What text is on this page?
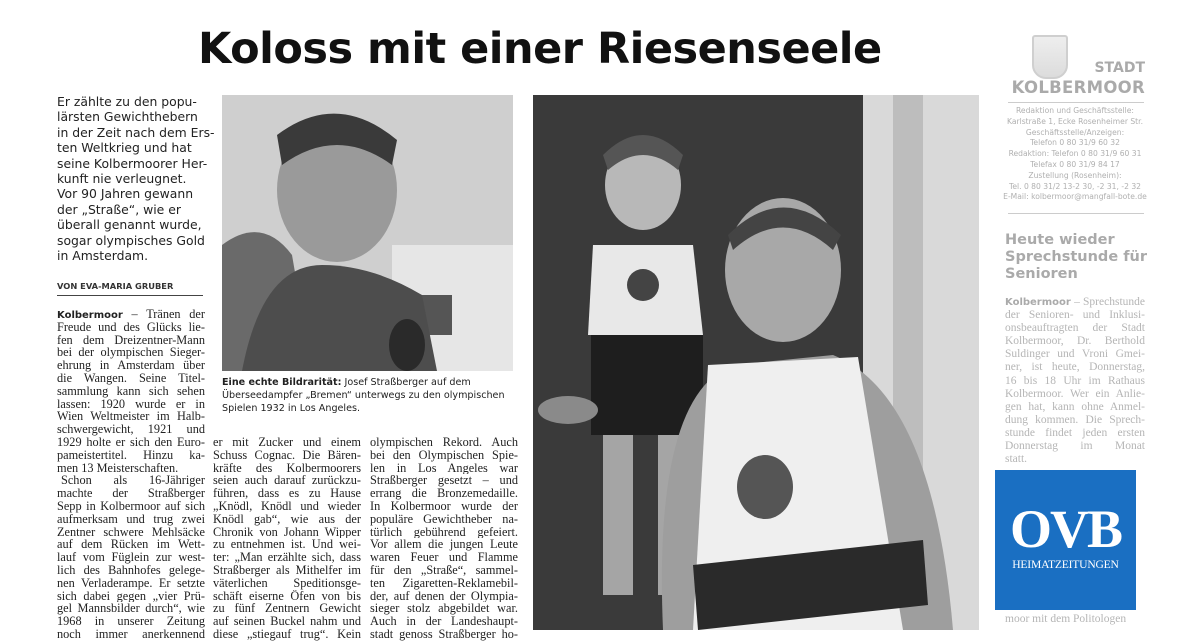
Koloss mit einer Riesenseele
Er zählte zu den popu-
lärsten Gewichthebern
in der Zeit nach dem Ers-
ten Weltkrieg und hat
seine Kolbermoorer Her-
kunft nie verleugnet.
Vor 90 Jahren gewann
der „Straße“, wie er
überall genannt wurde,
sogar olympisches Gold
in Amsterdam.
VON EVA-MARIA GRUBER
Eine echte Bildrarität: Josef Straßberger auf dem Überseedampfer „Bremen“ unterwegs zu den olympischen Spielen 1932 in Los Angeles.
Kolbermoor – Tränen der
Freude und des Glücks lie-
fen dem Dreizentner-Mann
bei der olympischen Sieger-
ehrung in Amsterdam über
die Wangen. Seine Titel-
sammlung kann sich sehen
lassen: 1920 wurde er in
Wien Weltmeister im Halb-
schwergewicht, 1921 und
1929 holte er sich den Euro-
pameistertitel. Hinzu ka-
men 13 Meisterschaften.
Schon als 16-Jähriger
machte der Straßberger
Sepp in Kolbermoor auf sich
aufmerksam und trug zwei
Zentner schwere Mehlsäcke
auf dem Rücken im Wett-
lauf vom Füglein zur west-
lich des Bahnhofes gelege-
nen Verladerampe. Er setzte
sich dabei gegen „vier Prü-
gel Mannsbilder durch“, wie
1968 in unserer Zeitung
noch immer anerkennend
er mit Zucker und einem
Schuss Cognac. Die Bären-
kräfte des Kolbermoorers
seien auch darauf zurückzu-
führen, dass es zu Hause
„Knödl, Knödl und wieder
Knödl gab“, wie aus der
Chronik von Johann Wipper
zu entnehmen ist. Und wei-
ter: „Man erzählte sich, dass
Straßberger als Mithelfer im
väterlichen Speditionsge-
schäft eiserne Öfen von bis
zu fünf Zentnern Gewicht
auf seinen Buckel nahm und
diese „stiegauf trug“. Kein
olympischen Rekord. Auch
bei den Olympischen Spie-
len in Los Angeles war
Straßberger gesetzt – und
errang die Bronzemedaille.
In Kolbermoor wurde der
populäre Gewichtheber na-
türlich gebührend gefeiert.
Vor allem die jungen Leute
waren Feuer und Flamme
für den „Straße“, sammel-
ten Zigaretten-Reklamebil-
der, auf denen der Olympia-
sieger stolz abgebildet war.
Auch in der Landeshaupt-
stadt genoss Straßberger ho-
STADT
KOLBERMOOR
Redaktion und Geschäftsstelle:
Karlstraße 1, Ecke Rosenheimer Str.
Geschäftsstelle/Anzeigen:
Telefon 0 80 31/9 60 32
Redaktion: Telefon 0 80 31/9 60 31
Telefax 0 80 31/9 84 17
Zustellung (Rosenheim):
Tel. 0 80 31/2 13-2 30, -2 31, -2 32
E-Mail: kolbermoor@mangfall-bote.de
Heute wieder Sprechstunde für Senioren
Kolbermoor – Sprechstunde
der Senioren- und Inklusi-
onsbeauftragten der Stadt
Kolbermoor, Dr. Berthold
Suldinger und Vroni Gmei-
ner, ist heute, Donnerstag,
16 bis 18 Uhr im Rathaus
Kolbermoor. Wer ein Anlie-
gen hat, kann ohne Anmel-
dung kommen. Die Sprech-
stunde findet jeden ersten
Donnerstag im Monat
statt.
moor mit dem Politologen
OVB
HEIMATZEITUNGEN
